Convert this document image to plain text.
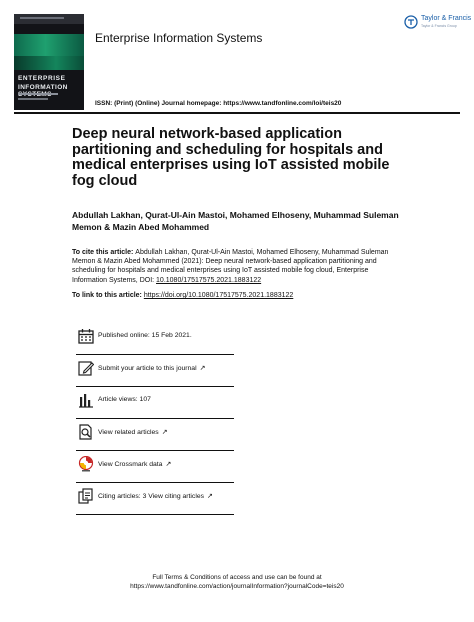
ENTERPRISE
INFORMATION
Enterprise Information Systems
Taylor & Francis
Taylor & Francis Group
ISSN: (Print) (Online) Journal homepage: https://www.tandfonline.com/loi/teis20
Deep neural network-based application partitioning and scheduling for hospitals and medical enterprises using IoT assisted mobile fog cloud
Abdullah Lakhan, Qurat-Ul-Ain Mastoi, Mohamed Elhoseny, Muhammad Suleman Memon & Mazin Abed Mohammed
To cite this article: Abdullah Lakhan, Qurat-Ul-Ain Mastoi, Mohamed Elhoseny, Muhammad Suleman Memon & Mazin Abed Mohammed (2021): Deep neural network-based application partitioning and scheduling for hospitals and medical enterprises using IoT assisted mobile fog cloud, Enterprise Information Systems, DOI: 10.1080/17517575.2021.1883122
To link to this article: https://doi.org/10.1080/17517575.2021.1883122
Published online: 15 Feb 2021.
Submit your article to this journal ↗
Article views: 107
View related articles ↗
View Crossmark data ↗
Citing articles: 3 View citing articles ↗
Full Terms & Conditions of access and use can be found at
https://www.tandfonline.com/action/journalInformation?journalCode=teis20
